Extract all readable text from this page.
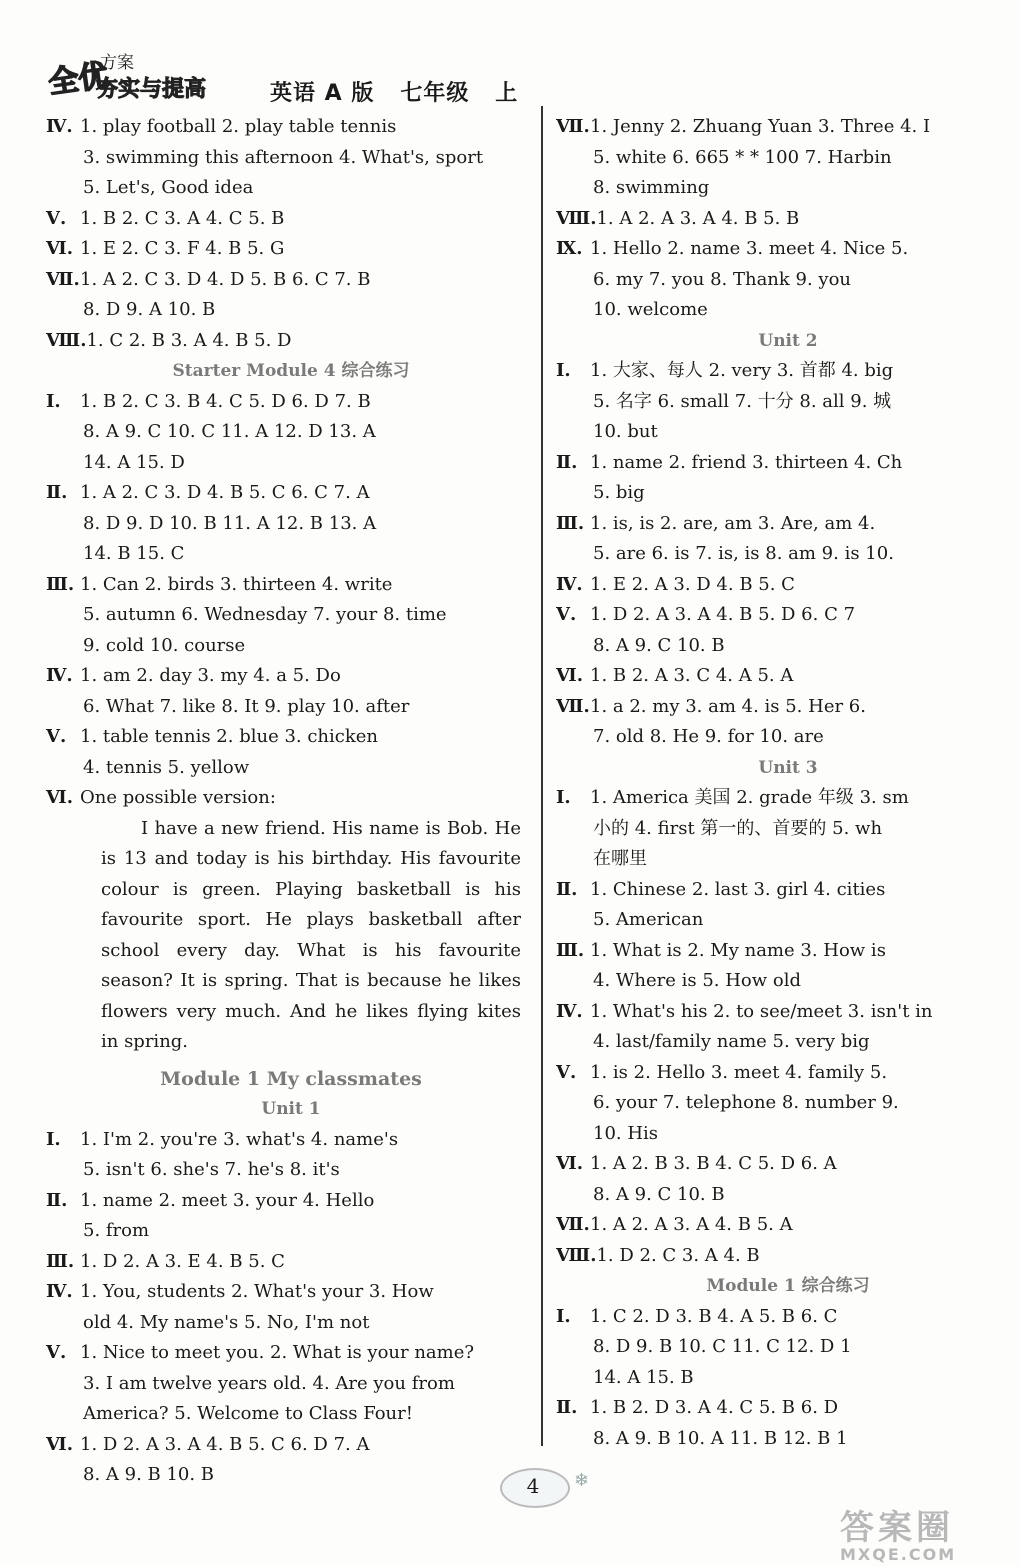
全优
方案
夯实与提高	英语 A 版   七年级   上
Ⅳ. 1. play football 2. play table tennis
3. swimming this afternoon 4. What's, sport
5. Let's, Good idea
Ⅴ. 1. B 2. C 3. A 4. C 5. B
Ⅵ. 1. E 2. C 3. F 4. B 5. G
Ⅶ.1. A 2. C 3. D 4. D 5. B 6. C 7. B
8. D 9. A 10. B
Ⅷ.1. C 2. B 3. A 4. B 5. D
Starter Module 4 综合练习
Ⅰ. 1. B 2. C 3. B 4. C 5. D 6. D 7. B
8. A 9. C 10. C 11. A 12. D 13. A
14. A 15. D
Ⅱ. 1. A 2. C 3. D 4. B 5. C 6. C 7. A
8. D 9. D 10. B 11. A 12. B 13. A
14. B 15. C
Ⅲ. 1. Can 2. birds 3. thirteen 4. write
5. autumn 6. Wednesday 7. your 8. time
9. cold 10. course
Ⅳ. 1. am 2. day 3. my 4. a 5. Do
6. What 7. like 8. It 9. play 10. after
Ⅴ. 1. table tennis 2. blue 3. chicken
4. tennis 5. yellow
Ⅵ. One possible version:
I have a new friend. His name is Bob. He is 13 and today is his birthday. His favourite colour is green. Playing basketball is his favourite sport. He plays basketball after school every day. What is his favourite season? It is spring. That is because he likes flowers very much. And he likes flying kites in spring.
Module 1 My classmates
Unit 1
Ⅰ. 1. I'm 2. you're 3. what's 4. name's
5. isn't 6. she's 7. he's 8. it's
Ⅱ. 1. name 2. meet 3. your 4. Hello
5. from
Ⅲ. 1. D 2. A 3. E 4. B 5. C
Ⅳ. 1. You, students 2. What's your 3. How
old 4. My name's 5. No, I'm not
Ⅴ. 1. Nice to meet you. 2. What is your name?
3. I am twelve years old. 4. Are you from
America? 5. Welcome to Class Four!
Ⅵ. 1. D 2. A 3. A 4. B 5. C 6. D 7. A
8. A 9. B 10. B
Ⅶ.1. Jenny 2. Zhuang Yuan 3. Three 4. I
5. white 6. 665 * * 100 7. Harbin
8. swimming
Ⅷ.1. A 2. A 3. A 4. B 5. B
Ⅸ. 1. Hello 2. name 3. meet 4. Nice 5.
6. my 7. you 8. Thank 9. you
10. welcome
Unit 2
Ⅰ. 1. 大家、每人 2. very 3. 首都 4. big
5. 名字 6. small 7. 十分 8. all 9. 城
10. but
Ⅱ. 1. name 2. friend 3. thirteen 4. Ch
5. big
Ⅲ. 1. is, is 2. are, am 3. Are, am 4.
5. are 6. is 7. is, is 8. am 9. is 10.
Ⅳ. 1. E 2. A 3. D 4. B 5. C
Ⅴ. 1. D 2. A 3. A 4. B 5. D 6. C 7
8. A 9. C 10. B
Ⅵ. 1. B 2. A 3. C 4. A 5. A
Ⅶ.1. a 2. my 3. am 4. is 5. Her 6.
7. old 8. He 9. for 10. are
Unit 3
Ⅰ. 1. America 美国 2. grade 年级 3. sm
小的 4. first 第一的、首要的 5. wh
在哪里
Ⅱ. 1. Chinese 2. last 3. girl 4. cities
5. American
Ⅲ. 1. What is 2. My name 3. How is
4. Where is 5. How old
Ⅳ. 1. What's his 2. to see/meet 3. isn't in
4. last/family name 5. very big
Ⅴ. 1. is 2. Hello 3. meet 4. family 5.
6. your 7. telephone 8. number 9.
10. His
Ⅵ. 1. A 2. B 3. B 4. C 5. D 6. A
8. A 9. C 10. B
Ⅶ.1. A 2. A 3. A 4. B 5. A
Ⅷ.1. D 2. C 3. A 4. B
Module 1 综合练习
Ⅰ. 1. C 2. D 3. B 4. A 5. B 6. C
8. D 9. B 10. C 11. C 12. D 1
14. A 15. B
Ⅱ. 1. B 2. D 3. A 4. C 5. B 6. D
8. A 9. B 10. A 11. B 12. B 1
4	❄
答案圈
MXQE.COM
